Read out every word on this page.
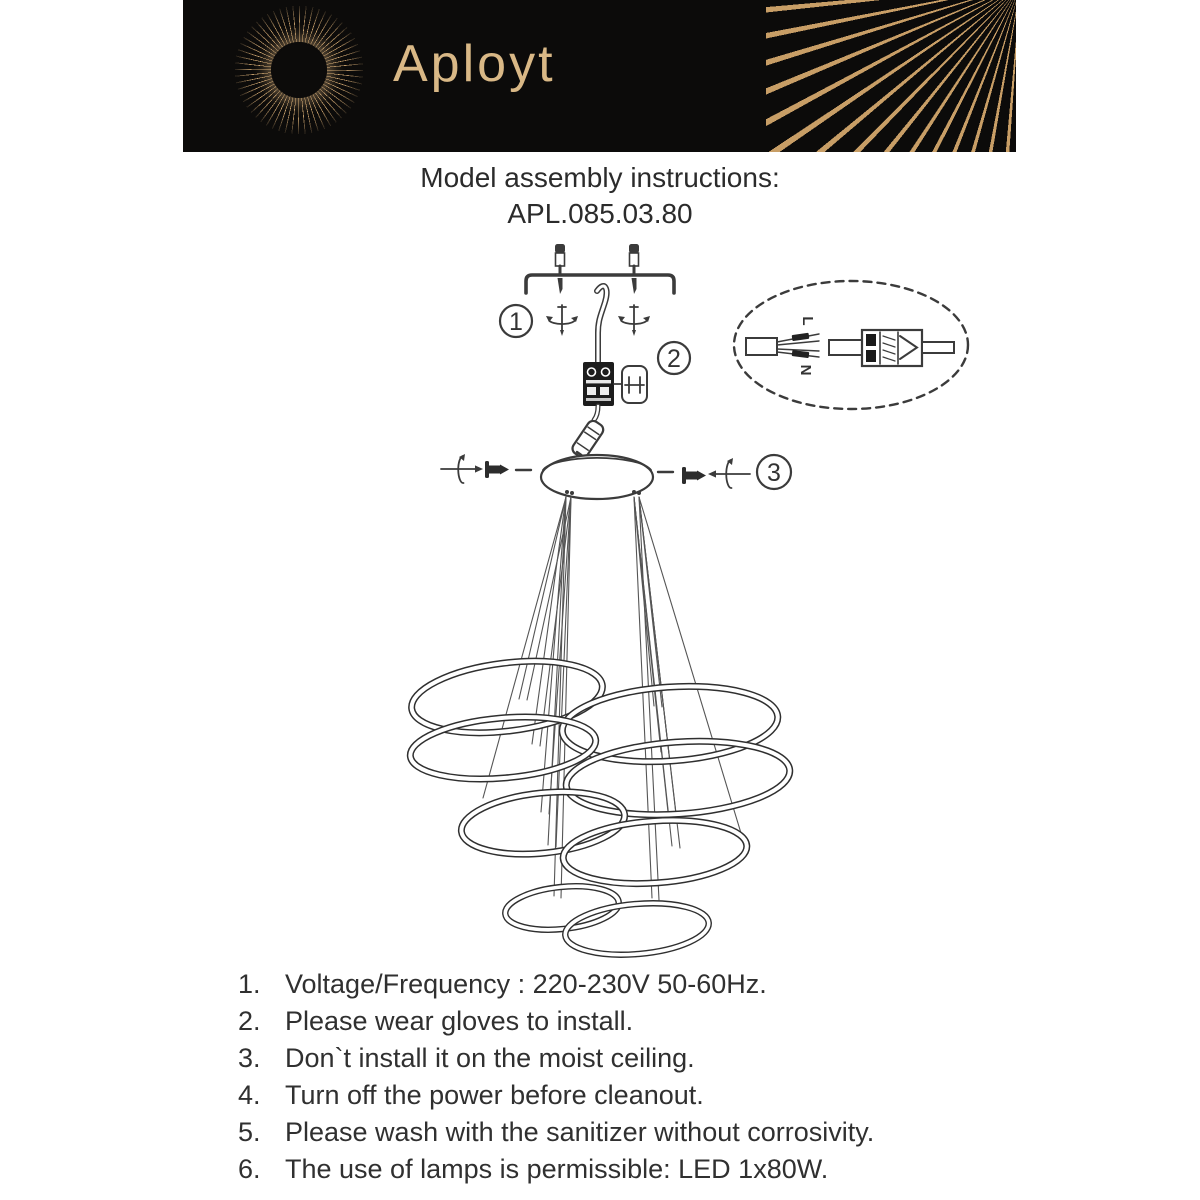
Aployt
Model assembly instructions:
APL.085.03.80
1
2
3
L
N
1. Voltage/Frequency : 220-230V 50-60Hz.
2. Please wear gloves to install.
3. Don`t install it on the moist ceiling.
4. Turn off the power before cleanout.
5. Please wash with the sanitizer without corrosivity.
6. The use of lamps is permissible: LED 1x80W.
